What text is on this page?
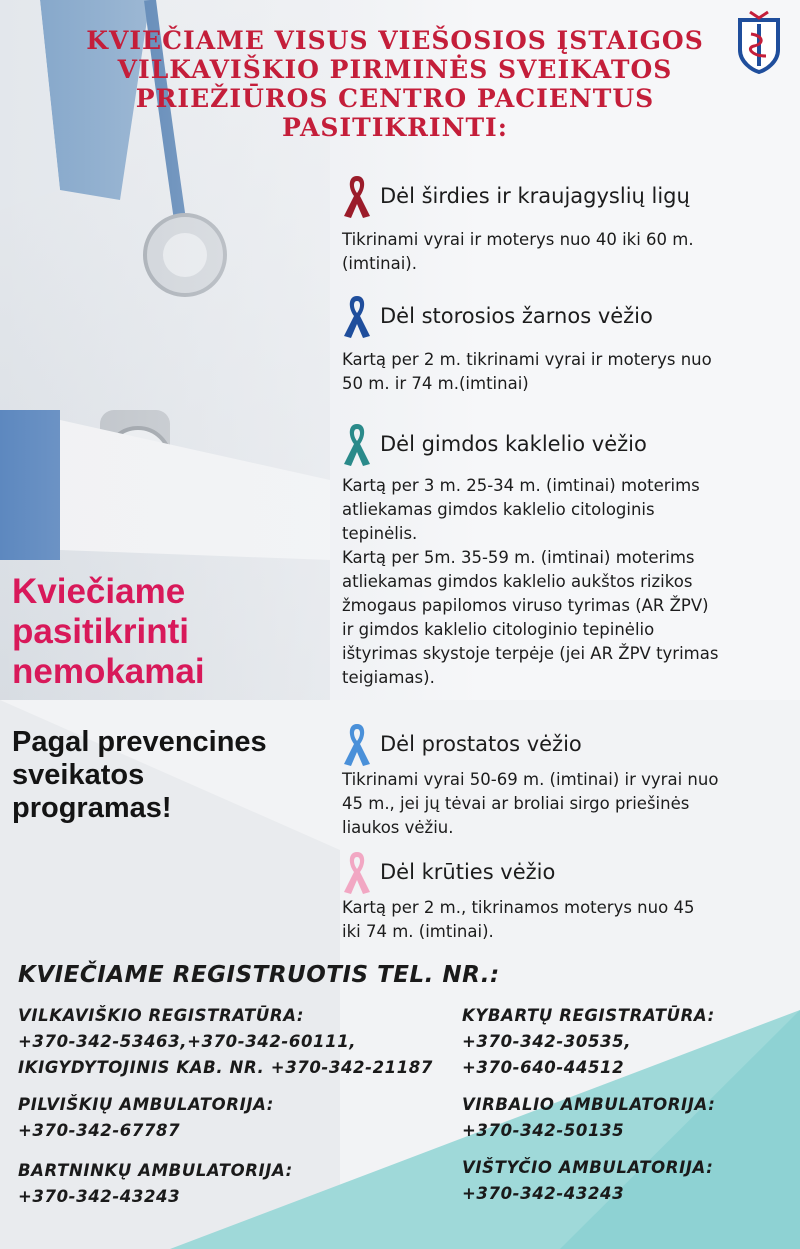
KVIEČIAME VISUS VIEŠOSIOS ĮSTAIGOS
VILKAVIŠKIO PIRMINĖS SVEIKATOS
PRIEŽIŪROS CENTRO PACIENTUS
PASITIKRINTI:
Dėl širdies ir kraujagyslių ligų
Tikrinami vyrai ir moterys nuo 40 iki 60 m.
(imtinai).
Dėl storosios žarnos vėžio
Kartą per 2 m. tikrinami vyrai ir moterys nuo
50 m. ir 74 m.(imtinai)
Dėl gimdos kaklelio vėžio
Kartą per 3 m. 25-34 m. (imtinai) moterims
atliekamas gimdos kaklelio citologinis
tepinėlis.
Kartą per 5m. 35-59 m. (imtinai) moterims
atliekamas gimdos kaklelio aukštos rizikos
žmogaus papilomos viruso tyrimas (AR ŽPV)
ir gimdos kaklelio citologinio tepinėlio
ištyrimas skystoje terpėje (jei AR ŽPV tyrimas
teigiamas).
Dėl prostatos vėžio
Tikrinami vyrai 50-69 m. (imtinai) ir vyrai nuo
45 m., jei jų tėvai ar broliai sirgo priešinės
liaukos vėžiu.
Dėl krūties vėžio
Kartą per 2 m., tikrinamos moterys nuo 45
iki 74 m. (imtinai).
Kviečiame
pasitikrinti
nemokamai
Pagal prevencines
sveikatos
programas!
KVIEČIAME REGISTRUOTIS TEL. NR.:
VILKAVIŠKIO REGISTRATŪRA:
+370-342-53463,+370-342-60111,
IKIGYDYTOJINIS KAB. NR. +370-342-21187
PILVIŠKIŲ AMBULATORIJA:
+370-342-67787
BARTNINKŲ AMBULATORIJA:
+370-342-43243
KYBARTŲ REGISTRATŪRA:
+370-342-30535,
+370-640-44512
VIRBALIO AMBULATORIJA:
+370-342-50135
VIŠTYČIO AMBULATORIJA:
+370-342-43243
